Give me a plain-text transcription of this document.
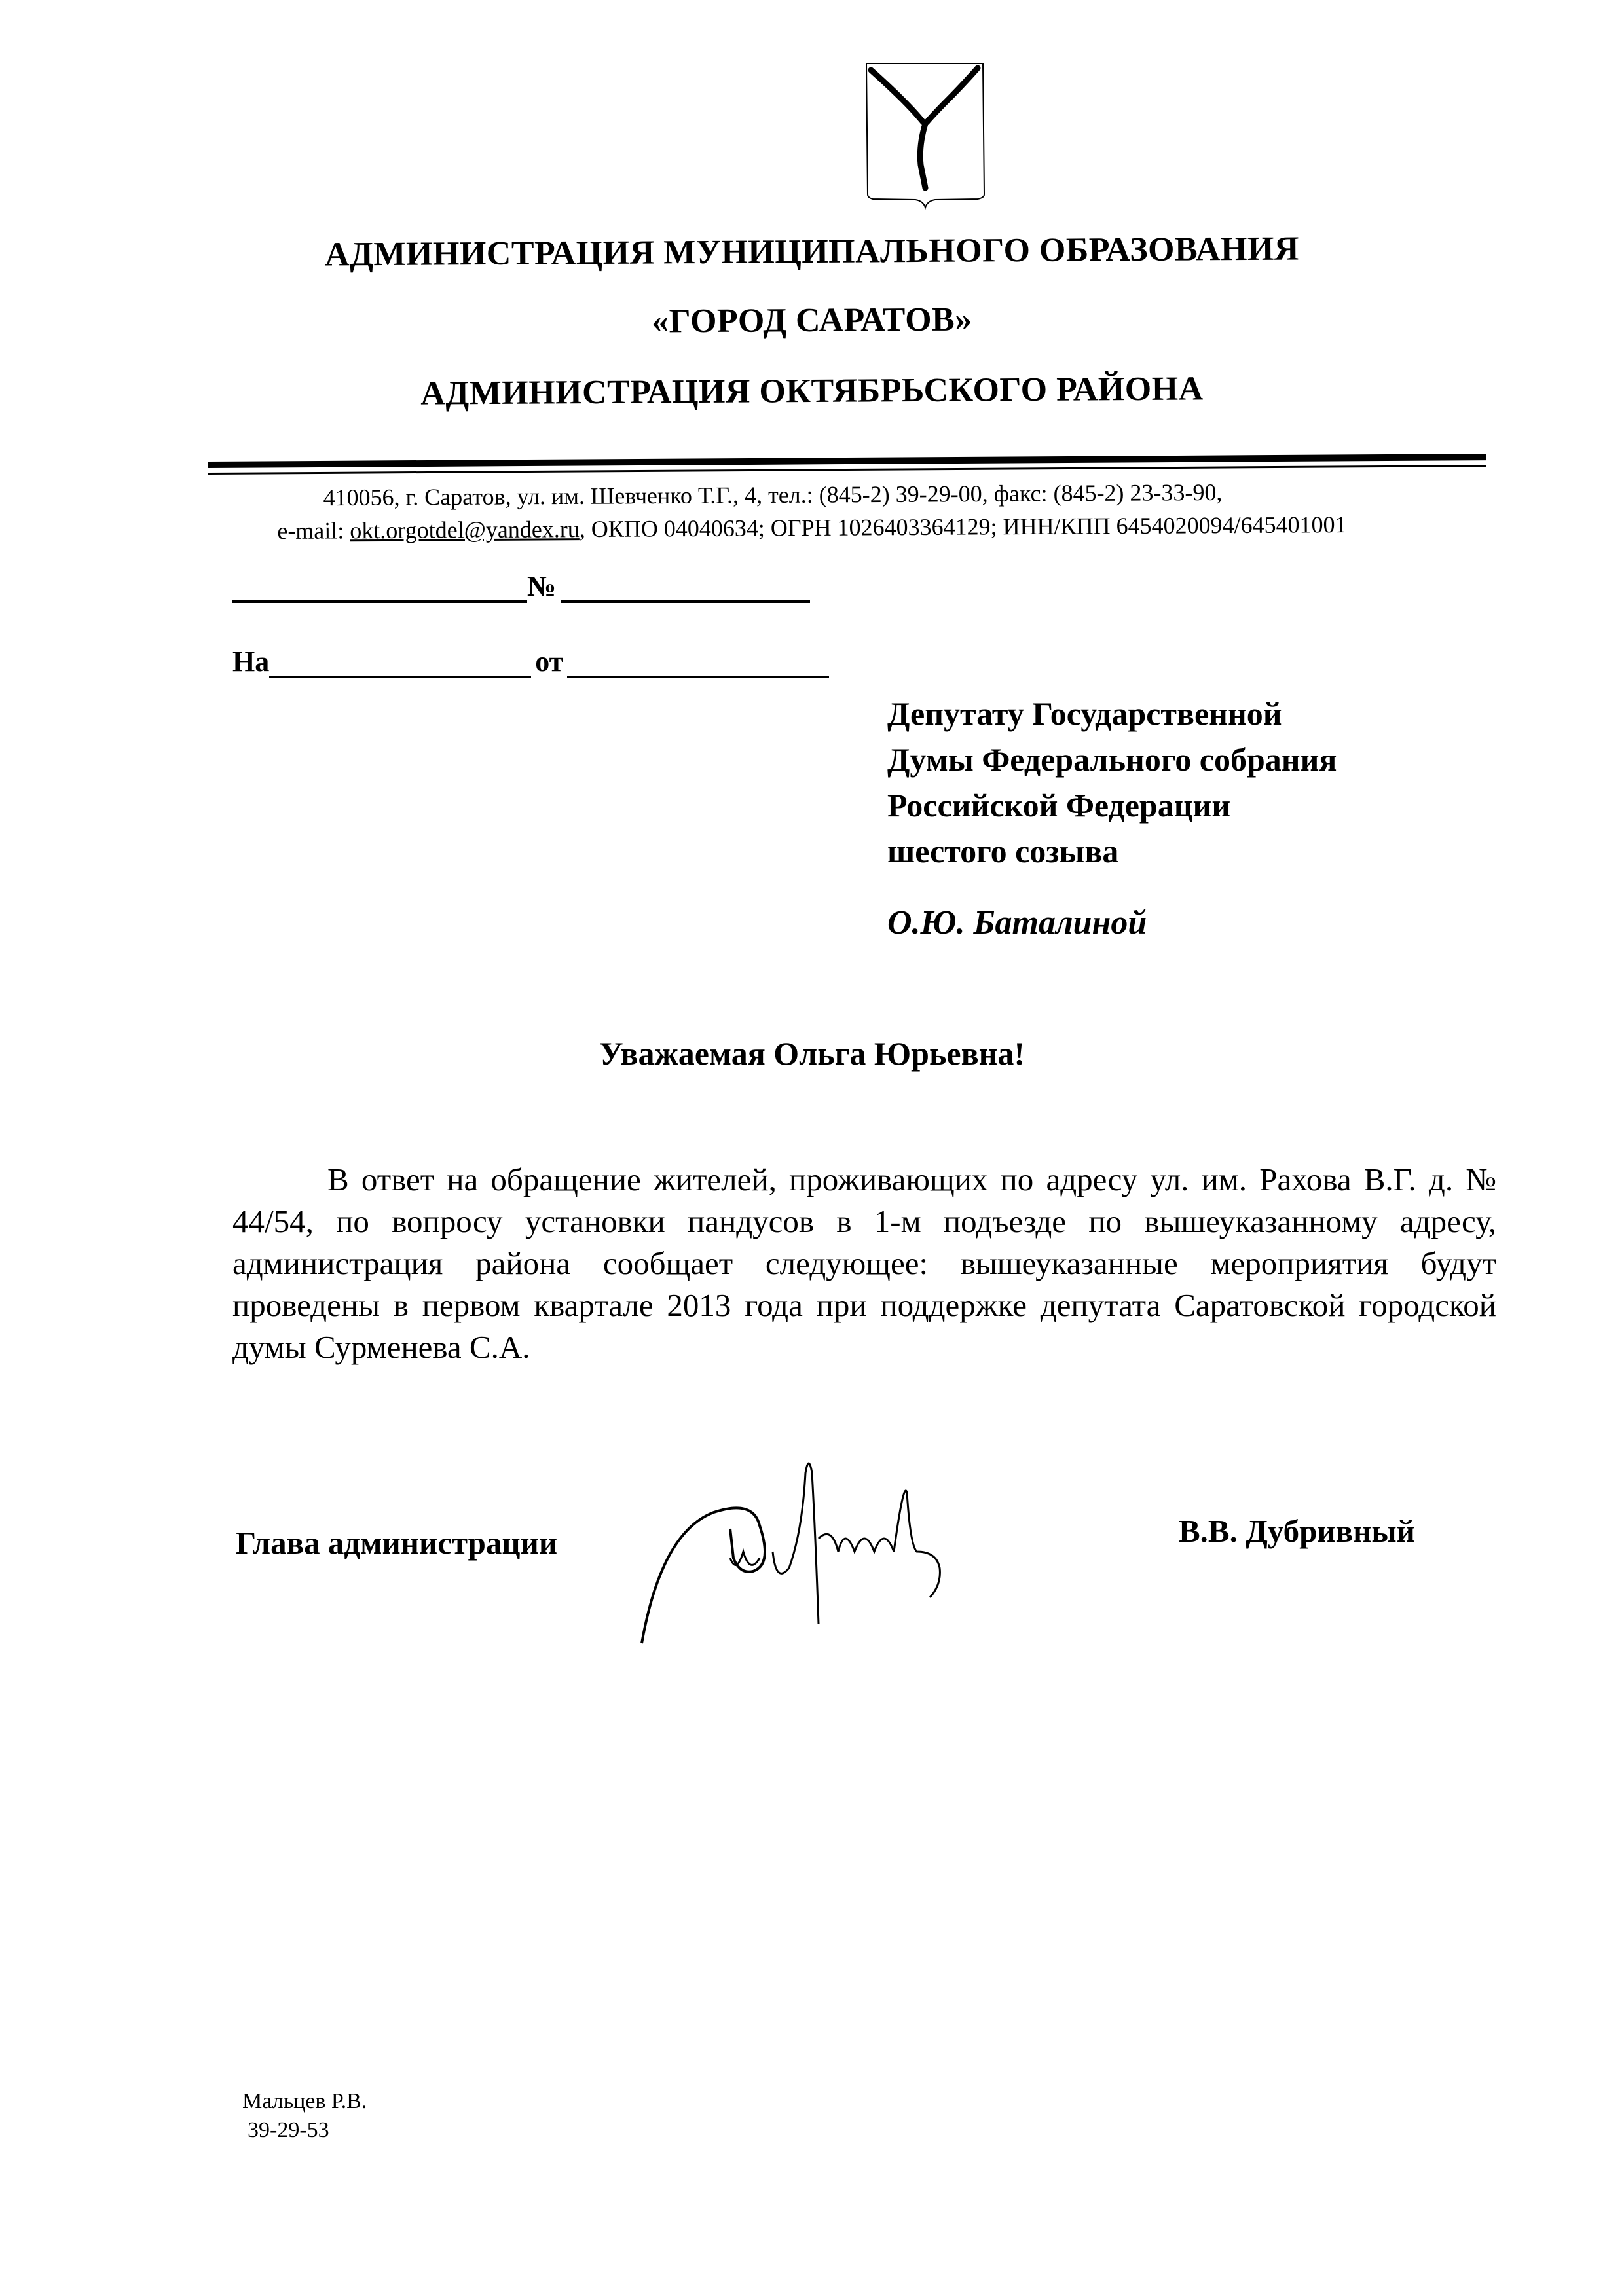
АДМИНИСТРАЦИЯ МУНИЦИПАЛЬНОГО ОБРАЗОВАНИЯ
«ГОРОД САРАТОВ»
АДМИНИСТРАЦИЯ ОКТЯБРЬСКОГО РАЙОНА
410056, г. Саратов, ул. им. Шевченко Т.Г., 4, тел.: (845-2) 39-29-00, факс: (845-2) 23-33-90,
e-mail: okt.orgotdel@yandex.ru, ОКПО 04040634; ОГРН 1026403364129; ИНН/КПП 6454020094/645401001

№

На
	от

Депутату Государственной
Думы Федерального собрания
Российской Федерации
шестого созыва
О.Ю. Баталиной
Уважаемая Ольга Юрьевна!
В ответ на обращение жителей, проживающих по адресу ул. им. Рахова В.Г. д. № 44/54, по вопросу установки пандусов в 1-м подъезде по вышеуказанному адресу, администрация района сообщает следующее: вышеуказанные мероприятия будут проведены в первом квартале 2013 года при поддержке депутата Саратовской городской думы Сурменева С.А.
Глава администрации	В.В. Дубривный
Мальцев Р.В.
39-29-53
